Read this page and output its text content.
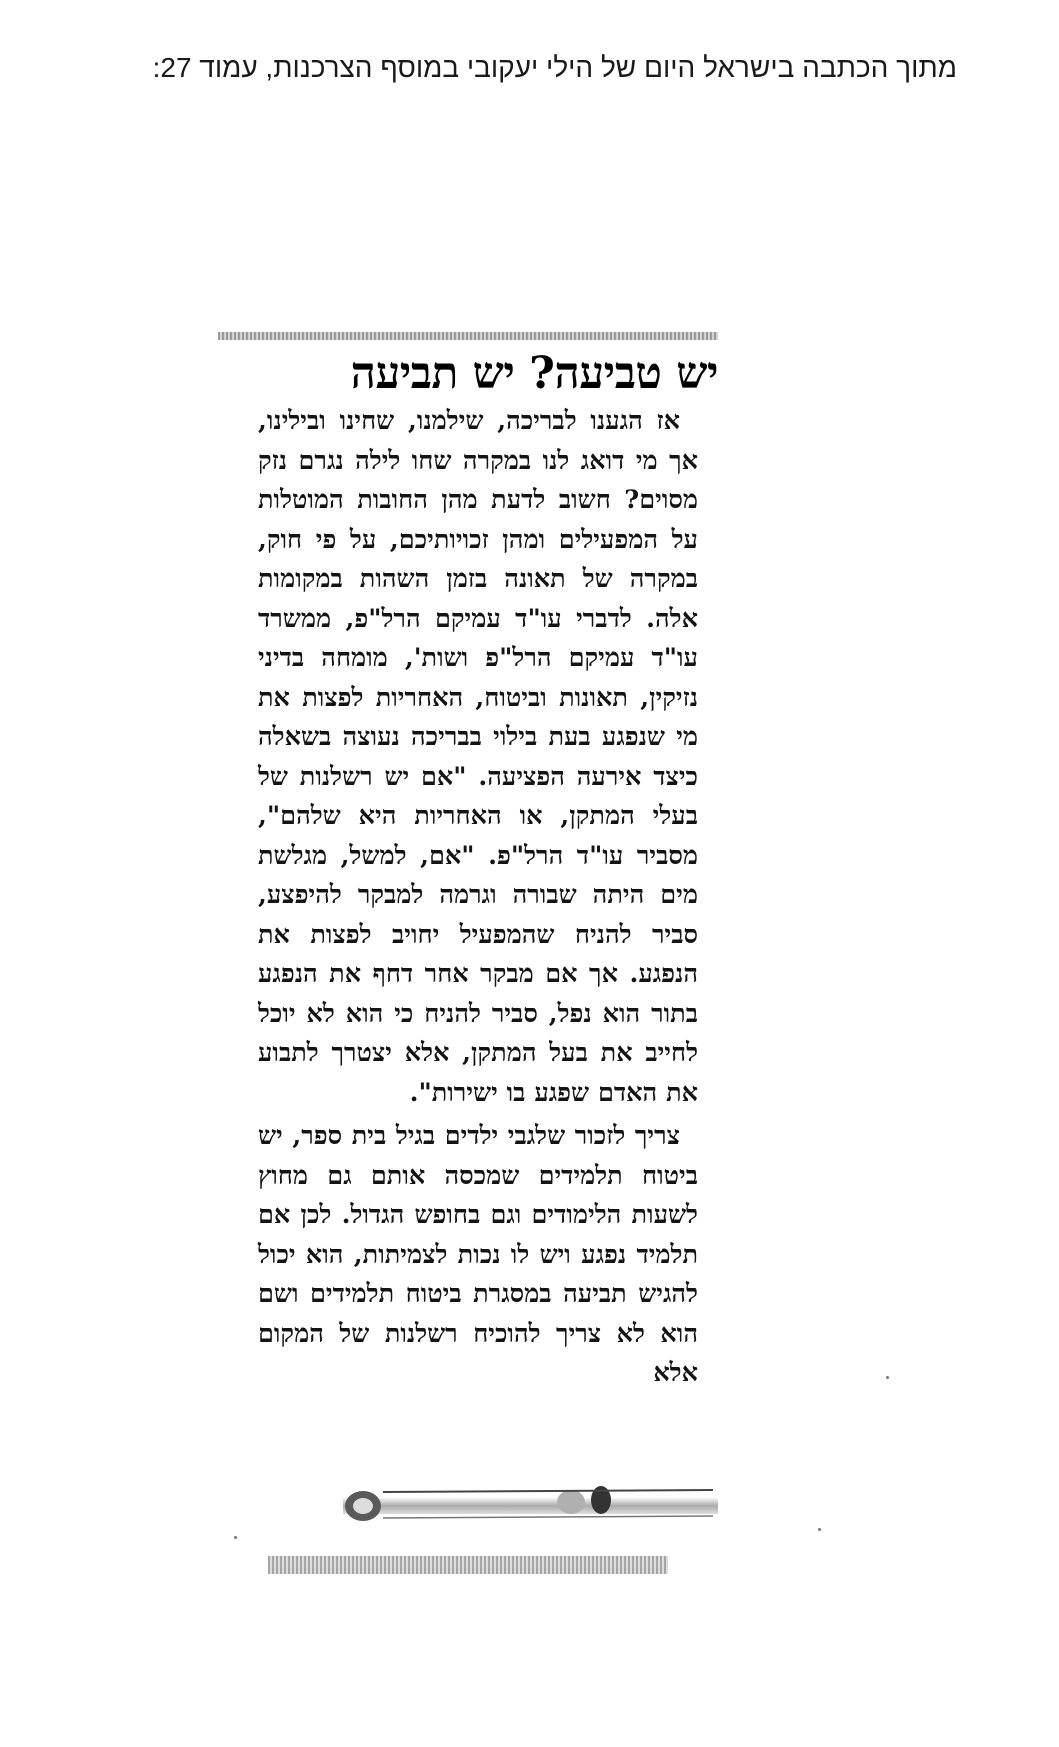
מתוך הכתבה בישראל היום של הילי יעקובי במוסף הצרכנות, עמוד 27:
יש טביעה? יש תביעה

אז הגענו לבריכה, שילמנו, שחינו ובילינו, אך מי דואג לנו במקרה שחו לילה נגרם נזק מסוים? חשוב לדעת מהן החובות המוטלות על המפעילים ומהן זכויותיכם, על פי חוק, במקרה של תאונה בזמן השהות במקומות אלה. לדברי עו"ד עמיקם הרל"פ, ממשרד עו"ד עמיקם הרל"פ ושות', מומחה בדיני נזיקין, תאונות וביטוח, האחריות לפצות את מי שנפגע בעת בילוי בבריכה נעוצה בשאלה כיצד אירעה הפציעה. "אם יש רשלנות של בעלי המתקן, או האחריות היא שלהם", מסביר עו"ד הרל"פ. "אם, למשל, מגלשת מים היתה שבורה וגרמה למבקר להיפצע, סביר להניח שהמפעיל יחויב לפצות את הנפגע. אך אם מבקר אחר דחף את הנפגע בתור הוא נפל, סביר להניח כי הוא לא יוכל לחייב את בעל המתקן, אלא יצטרך לתבוע את האדם שפגע בו ישירות".

צריך לזכור שלגבי ילדים בגיל בית ספר, יש ביטוח תלמידים שמכסה אותם גם מחוץ לשעות הלימודים וגם בחופש הגדול. לכן אם תלמיד נפגע ויש לו נכות לצמיתות, הוא יכול להגיש תביעה במסגרת ביטוח תלמידים ושם הוא לא צריך להוכיח רשלנות של המקום אלא
